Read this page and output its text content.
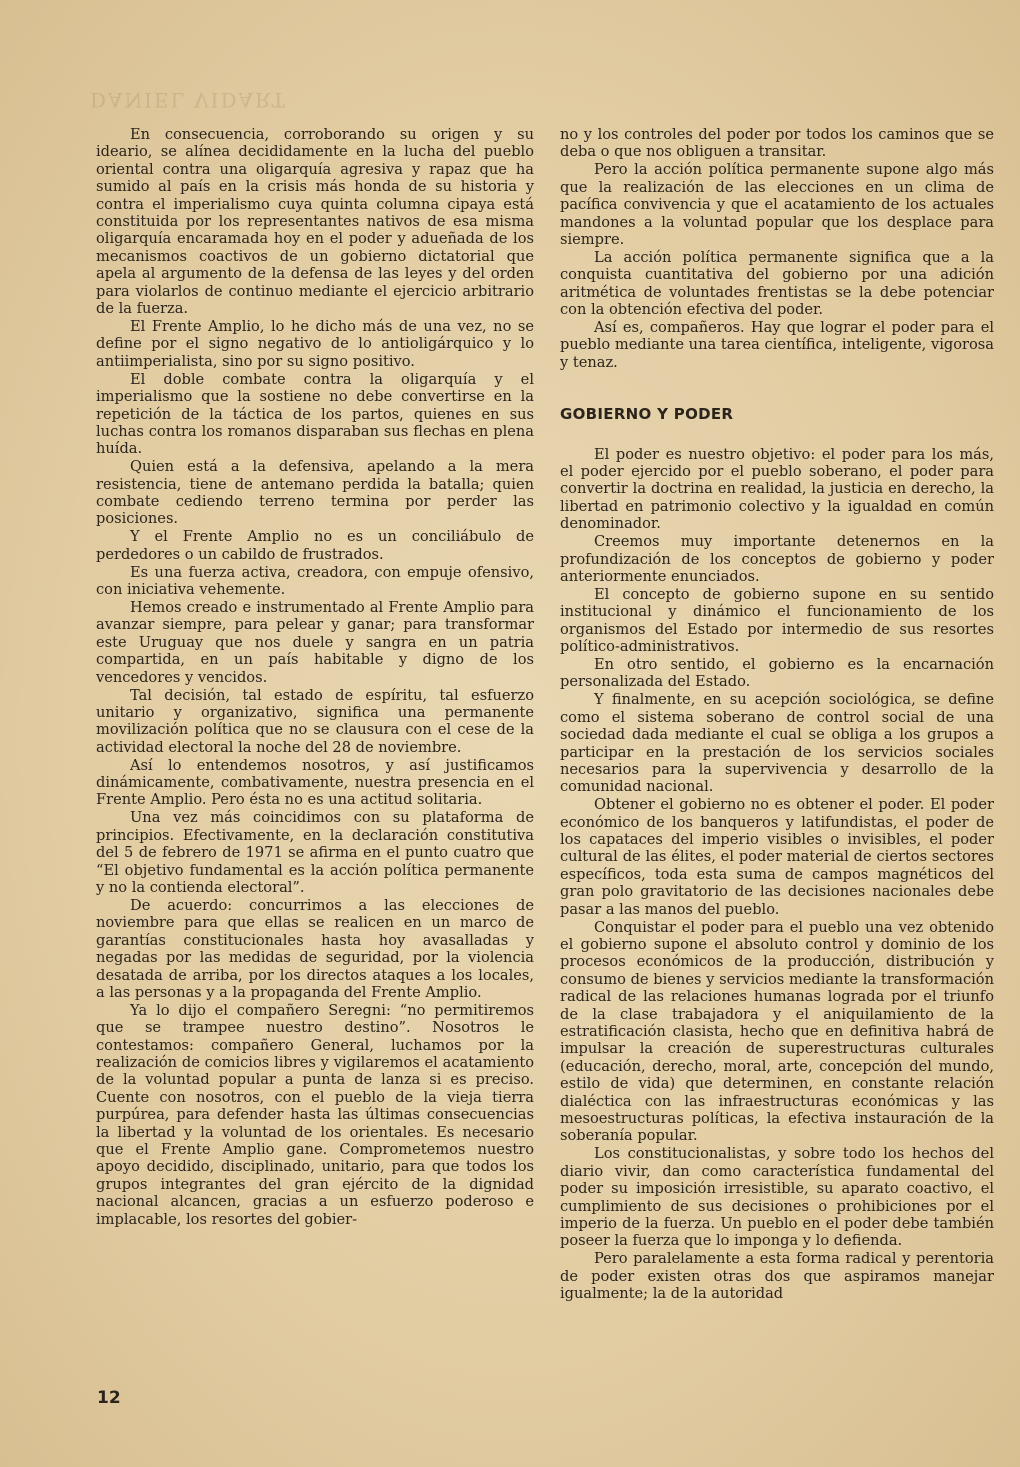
DANIEL VIDART

En consecuencia, corroborando su origen y su ideario, se alínea decididamente en la lucha del pueblo oriental contra una oligarquía agresiva y rapaz que ha sumido al país en la crisis más honda de su historia y contra el imperialismo cuya quinta columna cipaya está constituida por los representantes nativos de esa misma oligarquía encaramada hoy en el poder y adueñada de los mecanismos coactivos de un gobierno dictatorial que apela al argumento de la defensa de las leyes y del orden para violarlos de continuo mediante el ejercicio arbitrario de la fuerza.

El Frente Amplio, lo he dicho más de una vez, no se define por el signo negativo de lo antioligárquico y lo antiimperialista, sino por su signo positivo.

El doble combate contra la oligarquía y el imperialismo que la sostiene no debe convertirse en la repetición de la táctica de los partos, quienes en sus luchas contra los romanos disparaban sus flechas en plena huída.

Quien está a la defensiva, apelando a la mera resistencia, tiene de antemano perdida la batalla; quien combate cediendo terreno termina por perder las posiciones.

Y el Frente Amplio no es un conciliábulo de perdedores o un cabildo de frustrados.

Es una fuerza activa, creadora, con empuje ofensivo, con iniciativa vehemente.

Hemos creado e instrumentado al Frente Amplio para avanzar siempre, para pelear y ganar; para transformar este Uruguay que nos duele y sangra en un patria compartida, en un país habitable y digno de los vencedores y vencidos.

Tal decisión, tal estado de espíritu, tal esfuerzo unitario y organizativo, significa una permanente movilización política que no se clausura con el cese de la actividad electoral la noche del 28 de noviembre.

Así lo entendemos nosotros, y así justificamos dinámicamente, combativamente, nuestra presencia en el Frente Amplio. Pero ésta no es una actitud solitaria.

Una vez más coincidimos con su plataforma de principios. Efectivamente, en la declaración constitutiva del 5 de febrero de 1971 se afirma en el punto cuatro que “El objetivo fundamental es la acción política permanente y no la contienda electoral”.

De acuerdo: concurrimos a las elecciones de noviembre para que ellas se realicen en un marco de garantías constitucionales hasta hoy avasalladas y negadas por las medidas de seguridad, por la violencia desatada de arriba, por los directos ataques a los locales, a las personas y a la propaganda del Frente Amplio.

Ya lo dijo el compañero Seregni: “no permitiremos que se trampee nuestro destino”. Nosotros le contestamos: compañero General, luchamos por la realización de comicios libres y vigilaremos el acatamiento de la voluntad popular a punta de lanza si es preciso. Cuente con nosotros, con el pueblo de la vieja tierra purpúrea, para defender hasta las últimas consecuencias la libertad y la voluntad de los orientales. Es necesario que el Frente Amplio gane. Comprometemos nuestro apoyo decidido, disciplinado, unitario, para que todos los grupos integrantes del gran ejército de la dignidad nacional alcancen, gracias a un esfuerzo poderoso e implacable, los resortes del gobier-

no y los controles del poder por todos los caminos que se deba o que nos obliguen a transitar.

Pero la acción política permanente supone algo más que la realización de las elecciones en un clima de pacífica convivencia y que el acatamiento de los actuales mandones a la voluntad popular que los desplace para siempre.

La acción política permanente significa que a la conquista cuantitativa del gobierno por una adición aritmética de voluntades frentistas se la debe potenciar con la obtención efectiva del poder.

Así es, compañeros. Hay que lograr el poder para el pueblo mediante una tarea científica, inteligente, vigorosa y tenaz.

GOBIERNO Y PODER

El poder es nuestro objetivo: el poder para los más, el poder ejercido por el pueblo soberano, el poder para convertir la doctrina en realidad, la justicia en derecho, la libertad en patrimonio colectivo y la igualdad en común denominador.

Creemos muy importante detenernos en la profundización de los conceptos de gobierno y poder anteriormente enunciados.

El concepto de gobierno supone en su sentido institucional y dinámico el funcionamiento de los organismos del Estado por intermedio de sus resortes político-administrativos.

En otro sentido, el gobierno es la encarnación personalizada del Estado.

Y finalmente, en su acepción sociológica, se define como el sistema soberano de control social de una sociedad dada mediante el cual se obliga a los grupos a participar en la prestación de los servicios sociales necesarios para la supervivencia y desarrollo de la comunidad nacional.

Obtener el gobierno no es obtener el poder. El poder económico de los banqueros y latifundistas, el poder de los capataces del imperio visibles o invisibles, el poder cultural de las élites, el poder material de ciertos sectores específicos, toda esta suma de campos magnéticos del gran polo gravitatorio de las decisiones nacionales debe pasar a las manos del pueblo.

Conquistar el poder para el pueblo una vez obtenido el gobierno supone el absoluto control y dominio de los procesos económicos de la producción, distribución y consumo de bienes y servicios mediante la transformación radical de las relaciones humanas lograda por el triunfo de la clase trabajadora y el aniquilamiento de la estratificación clasista, hecho que en definitiva habrá de impulsar la creación de superestructuras culturales (educación, derecho, moral, arte, concepción del mundo, estilo de vida) que determinen, en constante relación dialéctica con las infraestructuras económicas y las mesoestructuras políticas, la efectiva instauración de la soberanía popular.

Los constitucionalistas, y sobre todo los hechos del diario vivir, dan como característica fundamental del poder su imposición irresistible, su aparato coactivo, el cumplimiento de sus decisiones o prohibiciones por el imperio de la fuerza. Un pueblo en el poder debe también poseer la fuerza que lo imponga y lo defienda.

Pero paralelamente a esta forma radical y perentoria de poder existen otras dos que aspiramos manejar igualmente; la de la autoridad

12
